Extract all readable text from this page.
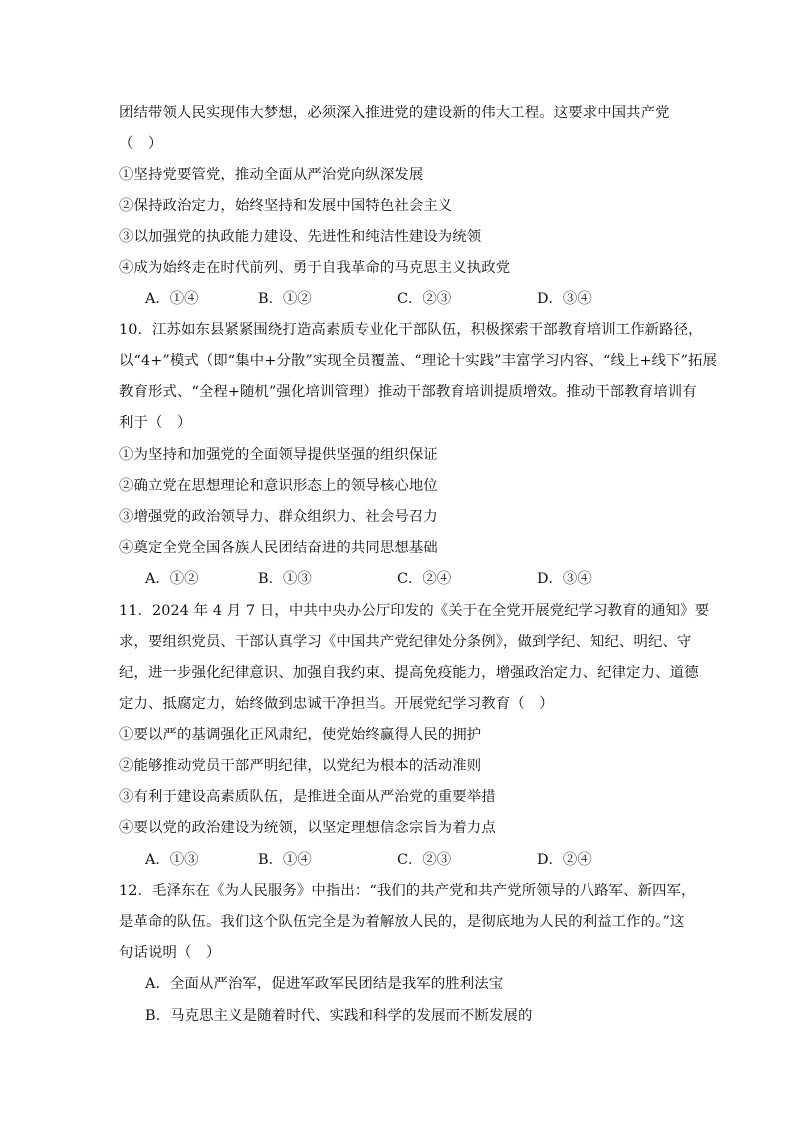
团结带领人民实现伟大梦想，必须深入推进党的建设新的伟大工程。这要求中国共产党
（　）
①坚持党要管党，推动全面从严治党向纵深发展
②保持政治定力，始终坚持和发展中国特色社会主义
③以加强党的执政能力建设、先进性和纯洁性建设为统领
④成为始终走在时代前列、勇于自我革命的马克思主义执政党
A．①④	B．①②	C．②③	D．③④
10．江苏如东县紧紧围绕打造高素质专业化干部队伍，积极探索干部教育培训工作新路径，
以“4+”模式（即“集中+分散”实现全员覆盖、“理论十实践”丰富学习内容、“线上+线下”拓展
教育形式、“全程+随机”强化培训管理）推动干部教育培训提质增效。推动干部教育培训有
利于（　）
①为坚持和加强党的全面领导提供坚强的组织保证
②确立党在思想理论和意识形态上的领导核心地位
③增强党的政治领导力、群众组织力、社会号召力
④奠定全党全国各族人民团结奋进的共同思想基础
A．①②	B．①③	C．②④	D．③④
11．2024 年 4 月 7 日，中共中央办公厅印发的《关于在全党开展党纪学习教育的通知》要
求，要组织党员、干部认真学习《中国共产党纪律处分条例》，做到学纪、知纪、明纪、守
纪，进一步强化纪律意识、加强自我约束、提高免疫能力，增强政治定力、纪律定力、道德
定力、抵腐定力，始终做到忠诚干净担当。开展党纪学习教育（　）
①要以严的基调强化正风肃纪，使党始终赢得人民的拥护
②能够推动党员干部严明纪律，以党纪为根本的活动准则
③有利于建设高素质队伍，是推进全面从严治党的重要举措
④要以党的政治建设为统领，以坚定理想信念宗旨为着力点
A．①③	B．①④	C．②③	D．②④
12．毛泽东在《为人民服务》中指出：“我们的共产党和共产党所领导的八路军、新四军，
是革命的队伍。我们这个队伍完全是为着解放人民的，是彻底地为人民的利益工作的。”这
句话说明（　）
A．全面从严治军，促进军政军民团结是我军的胜利法宝
B．马克思主义是随着时代、实践和科学的发展而不断发展的
